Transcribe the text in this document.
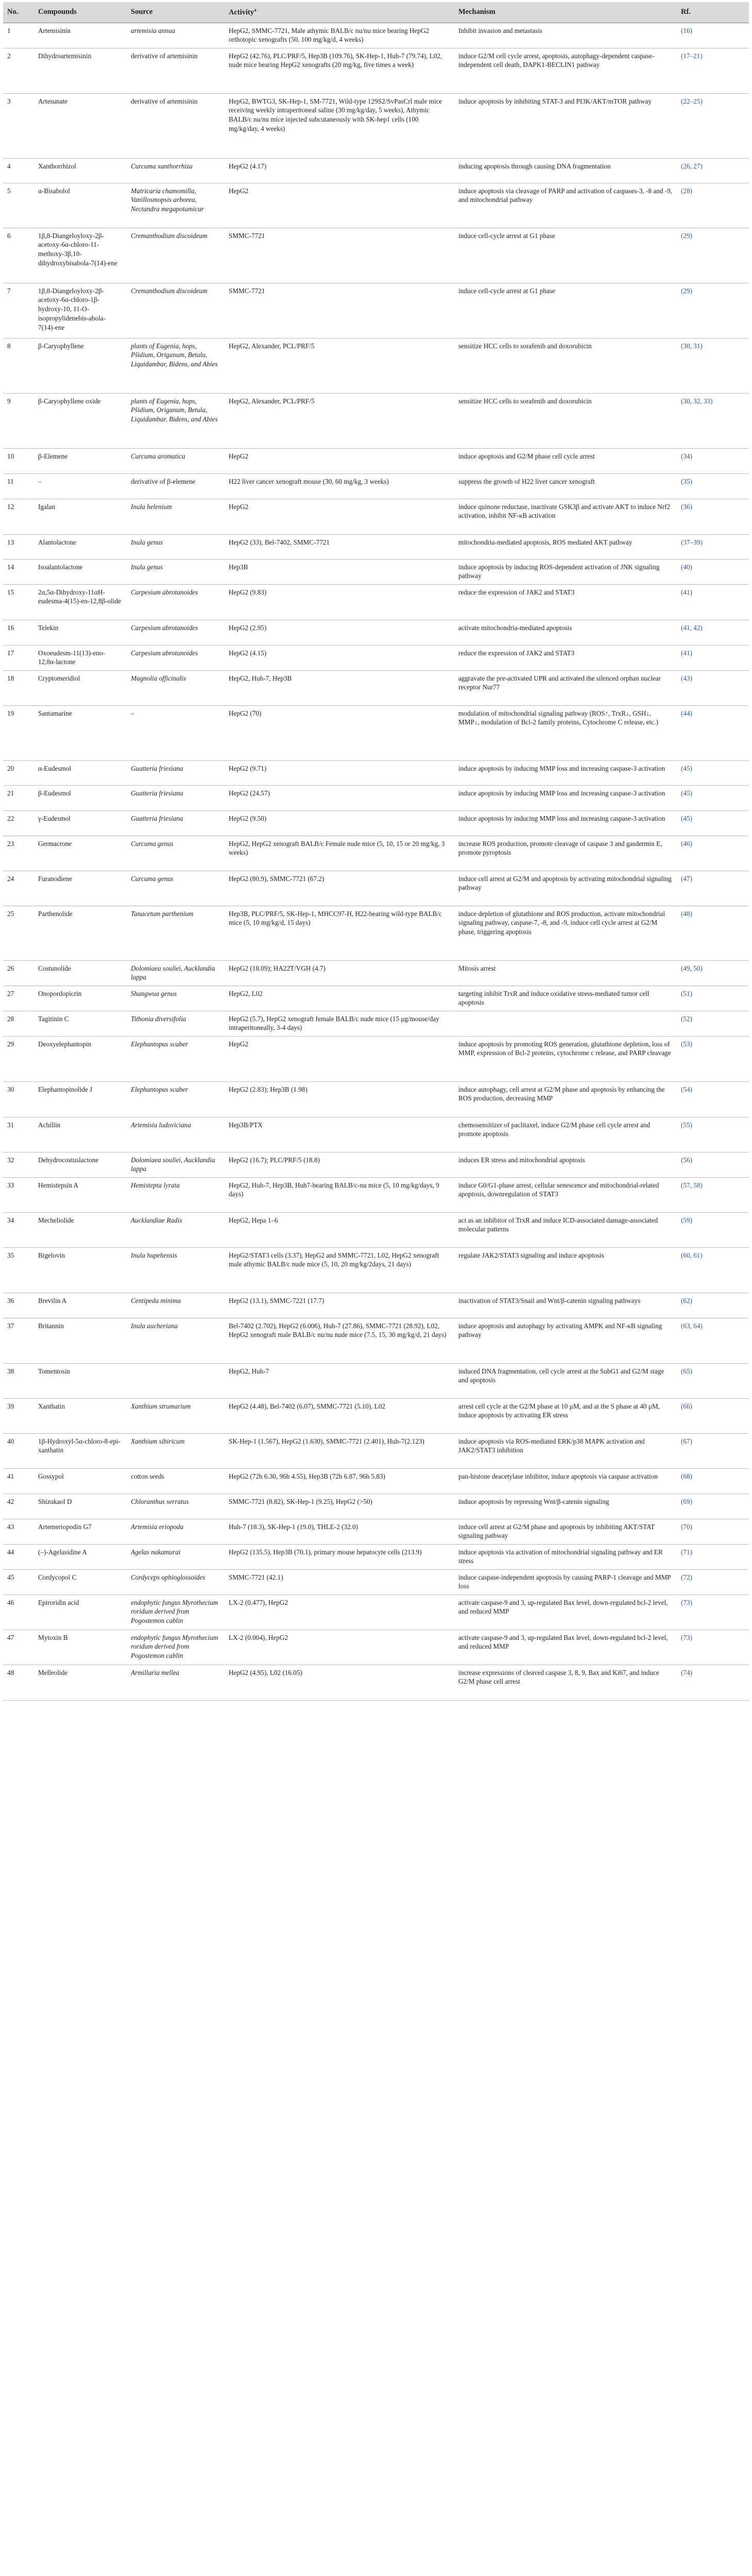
No.	Compounds	Source	Activity$^a$	Mechanism	Rf.
1	Artemisinin	artemisia annua	HepG2, SMMC-7721, Male athymic BALB/c nu/nu mice bearing HepG2 orthotopic xenografts (50, 100 mg/kg/d, 4 weeks)	Inhibit invasion and metastasis	(16)
2	Dihydroartemisinin	derivative of artemisinin	HepG2 (42.76), PLC/PRF/5, Hep3B (109.76), SK-Hep-1, Huh-7 (79.74), L02, nude mice bearing HepG2 xenografts (20 mg/kg, five times a week)	induce G2/M cell cycle arrest, apoptosis, autophagy-dependent caspase-independent cell death, DAPK1-BECLIN1 pathway	(17–21)
3	Artesunate	derivative of artemisinin	HepG2, BWTG3, SK-Hep-1, SM-7721, Wild-type 129S2/SvPasCrl male mice receiving weekly intraperitoneal saline (30 mg/kg/day, 5 weeks), Athymic BALB/c nu/nu mice injected subcutaneously with SK-hep1 cells (100 mg/kg/day, 4 weeks)	induce apoptosis by inhibiting STAT-3 and PI3K/AKT/mTOR pathway	(22–25)
4	Xanthorrhizol	Curcuma xanthorrhiza	HepG2 (4.17)	inducing apoptosis through causing DNA fragmentation	(26, 27)
5	α-Bisabolol	Matricaria chamomilla, Vanillosmopsis arborea, Nectandra megapotamicar	HepG2	induce apoptosis via cleavage of PARP and activation of caspases-3, -8 and -9, and mitochondrial pathway	(28)
6	1β,8-Diangeloyloxy-2β-acetoxy-6α-chloro-11-methoxy-3β,10-dihydroxybisabola-7(14)-ene	Cremanthodium discoideum	SMMC-7721	induce cell-cycle arrest at G1 phase	(29)
7	1β,8-Diangeloyloxy-2β-acetoxy-6α-chloro-1β-hydroxy-10, 11-O-isopropylidenebis-abola-7(14)-ene	Cremanthodium discoideum	SMMC-7721	induce cell-cycle arrest at G1 phase	(29)
8	β-Caryophyllene	plants of Eugenia, hops, Pšidium, Origanum, Betula, Liquidambar, Bidens, and Abies	HepG2, Alexander, PCL/PRF/5	sensitize HCC cells to sorafenib and doxorubicin	(30, 31)
9	β-Caryophyllene oxide	plants of Eugenia, hops, Pšidium, Origanum, Betula, Liquidambar, Bidens, and Abies	HepG2, Alexander, PCL/PRF/5	sensitize HCC cells to sorafenib and doxorubicin	(30, 32, 33)
10	β-Elemene	Curcuma aromatica	HepG2	induce apoptosis and G2/M phase cell cycle arrest	(34)
11	–	derivative of β-elemene	H22 liver cancer xenograft mouse (30, 60 mg/kg, 3 weeks)	suppress the growth of H22 liver cancer xenograft	(35)
12	Igalan	Inula helenium	HepG2	induce quinone reductase, inactivate GSK3β and activate AKT to induce Nrf2 activation, inhibit NF-κB activation	(36)
13	Alantolactone	Inula genus	HepG2 (33), Bel-7402, SMMC-7721	mitochondria-mediated apoptosis, ROS mediated AKT pathway	(37–39)
14	Isoalantolactone	Inula genus	Hep3B	induce apoptosis by inducing ROS-dependent activation of JNK signaling pathway	(40)
15	2α,5α-Dihydroxy-11αH-eudesma-4(15)-en-12,8β-olide	Carpesium abrotanoides	HepG2 (9.83)	reduce the expression of JAK2 and STAT3	(41)
16	Telekin	Carpesium abrotanoides	HepG2 (2.95)	activate mitochondria-mediated apoptosis	(41, 42)
17	Oxoeudesm-11(13)-eno-12,8α-lactone	Carpesium abrotanoides	HepG2 (4.15)	reduce the expression of JAK2 and STAT3	(41)
18	Cryptomeridiol	Magnolia officinalis	HepG2, Huh-7, Hep3B	aggravate the pre-activated UPR and activated the silenced orphan nuclear receptor Nur77	(43)
19	Santamarine	–	HepG2 (70)	modulation of mitochondrial signaling pathway (ROS↑, TrxR↓, GSH↓, MMP↓, modulation of Bcl-2 family proteins, Cytochrome C release, etc.)	(44)
20	α-Eudesmol	Guatteria friesiana	HepG2 (9.71)	induce apoptosis by inducing MMP loss and increasing caspase-3 activation	(45)
21	β-Eudesmol	Guatteria friesiana	HepG2 (24.57)	induce apoptosis by inducing MMP loss and increasing caspase-3 activation	(45)
22	γ-Eudesmol	Guatteria friesiana	HepG2 (9.50)	induce apoptosis by inducing MMP loss and increasing caspase-3 activation	(45)
23	Germacrone	Curcuma genus	HepG2, HepG2 xenograft BALB/c Female nude mice (5, 10, 15 or 20 mg/kg, 3 weeks)	increase ROS production, promote cleavage of caspase 3 and gasdermin E, promote pyroptosis	(46)
24	Furanodiene	Curcuma genus	HepG2 (80.9), SMMC-7721 (67.2)	induce cell arrest at G2/M and apoptosis by activating mitochondrial signaling pathway	(47)
25	Parthenolide	Tanacetum parthenium	Hep3B, PLC/PRF/5, SK-Hep-1, MHCC97-H, H22-bearing wild-type BALB/c mice (5, 10 mg/kg/d, 15 days)	induce depletion of glutathione and ROS production, activate mitochondrial signaling pathway, caspase-7, -8, and -9, induce cell cycle arrest at G2/M phase, triggering apoptosis	(48)
26	Costunolide	Dolomiaea souliei, Aucklandia lappa	HepG2 (18.09); HA22T/VGH (4.7)	Mitosis arrest	(49, 50)
27	Onopordopicrin	Shangwua genus	HepG2, L02	targeting inhibit TrxR and induce oxidative stress-mediated tumor cell apoptosis	(51)
28	Tagitinin C	Tithonia diversifolia	HepG2 (5.7), HepG2 xenograft female BALB/c nude mice (15 μg/mouse/day intraperitoneally, 3-4 days)		(52)
29	Deoxyelephantopin	Elephantopus scaber	HepG2	induce apoptosis by promoting ROS generation, glutathione depletion, loss of MMP, expression of Bcl-2 proteins, cytochrome c release, and PARP cleavage	(53)
30	Elephantopinolide J	Elephantopus scaber	HepG2 (2.83); Hep3B (1.98)	induce autophagy, cell arrest at G2/M phase and apoptosis by enhancing the ROS production, decreasing MMP	(54)
31	Achillin	Artemisia ludoviciana	Hep3B/PTX	chemosensitizer of paclitaxel, induce G2/M phase cell cycle arrest and promote apoptosis	(55)
32	Dehydrocostuslactone	Dolomiaea souliei, Aucklandia lappa	HepG2 (16.7); PLC/PRF/5 (18.8)	induces ER stress and mitochondrial apoptosis	(56)
33	Hemistepsin A	Hemistepta lyrata	HepG2, Huh-7, Hep3B, Huh7-bearing BALB/c-nu mice (5, 10 mg/kg/days, 9 days)	induce G0/G1-phase arrest, cellular senescence and mitochondrial-related apoptosis, downregulation of STAT3	(57, 58)
34	Mecheliolide	Aucklandiae Radix	HepG2, Hepa 1–6	act as an inhibitor of TrxR and induce ICD-associated damage-associated molecular patterns	(59)
35	Bigelovin	Inula hupehensis	HepG2/STAT3 cells (3.37), HepG2 and SMMC-7721, L02, HepG2 xenograft male athymic BALB/c nude mice (5, 10, 20 mg/kg/2days, 21 days)	regulate JAK2/STAT3 signaling and induce apoptosis	(60, 61)
36	Brevilin A	Centipeda minima	HepG2 (13.1), SMMC-7221 (17.7)	inactivation of STAT3/Snail and Wnt/β-catenin signaling pathways	(62)
37	Britannin	Inula aucheriana	Bel-7402 (2.702), HepG2 (6.006), Huh-7 (27.86), SMMC-7721 (28.92), L02, HepG2 xenograft male BALB/c nu/nu nude mice (7.5, 15, 30 mg/kg/d, 21 days)	induce apoptosis and autophagy by activating AMPK and NF-κB signaling pathway	(63, 64)
38	Tomentosin		HepG2, Huh-7	induced DNA fragmentation, cell cycle arrest at the SubG1 and G2/M stage and apoptosis	(65)
39	Xanthatin	Xanthium strumarium	HepG2 (4.48), Bel-7402 (6.07), SMMC-7721 (5.10), L02	arrest cell cycle at the G2/M phase at 10 μM, and at the S phase at 40 μM, induce apoptosis by activating ER stress	(66)
40	1β-Hydroxyl-5α-chloro-8-epi-xanthatin	Xanthium sibiricum	SK-Hep-1 (1.567), HepG2 (1.630), SMMC-7721 (2.401), Huh-7(2.123)	induce apoptosis via ROS-mediated ERK/p38 MAPK activation and JAK2/STAT3 inhibition	(67)
41	Gossypol	cotton seeds	HepG2 (72h 6.30, 96h 4.55), Hep3B (72h 6.87, 96h 5.83)	pan-histone deacetylase inhibitor, induce apoptosis via caspase activation	(68)
42	Shizukaol D	Chloranthus serratus	SMMC-7721 (8.82), SK-Hep-1 (9.25), HepG2 (>50)	induce apoptosis by repressing Wnt/β-catenin signaling	(69)
43	Artemeriopodin G7	Artemisia eriopoda	Huh-7 (18.3), SK-Hep-1 (19.0), THLE-2 (32.0)	induce cell arrest at G2/M phase and apoptosis by inhibiting AKT/STAT signaling pathway	(70)
44	(–)-Agelasidine A	Agelas nakamurai	HepG2 (135.5), Hep3B (70.1), primary mouse hepatocyte cells (213.9)	induce apoptosis via activation of mitochondrial signaling pathway and ER stress	(71)
45	Cordycopol C	Cordyceps ophioglossoides	SMMC-7721 (42.1)	induce caspase-independent apoptosis by causing PARP-1 cleavage and MMP loss	(72)
46	Epiroridin acid	endophytic fungus Myrothecium roridum derived from Pogostemon cablin	LX-2 (0.477), HepG2	activate caspase-9 and 3, up-regulated Bax level, down-regulated bcl-2 level, and reduced MMP	(73)
47	Mytoxin B	endophytic fungus Myrothecium roridum derived from Pogostemon cablin	LX-2 (0.004), HepG2	activate caspase-9 and 3, up-regulated Bax level, down-regulated bcl-2 level, and reduced MMP	(73)
48	Melleolide	Armillaria mellea	HepG2 (4.95), L02 (16.05)	increase expressions of cleaved caspase 3, 8, 9, Bax and Ki67, and induce G2/M phase cell arrest	(74)
